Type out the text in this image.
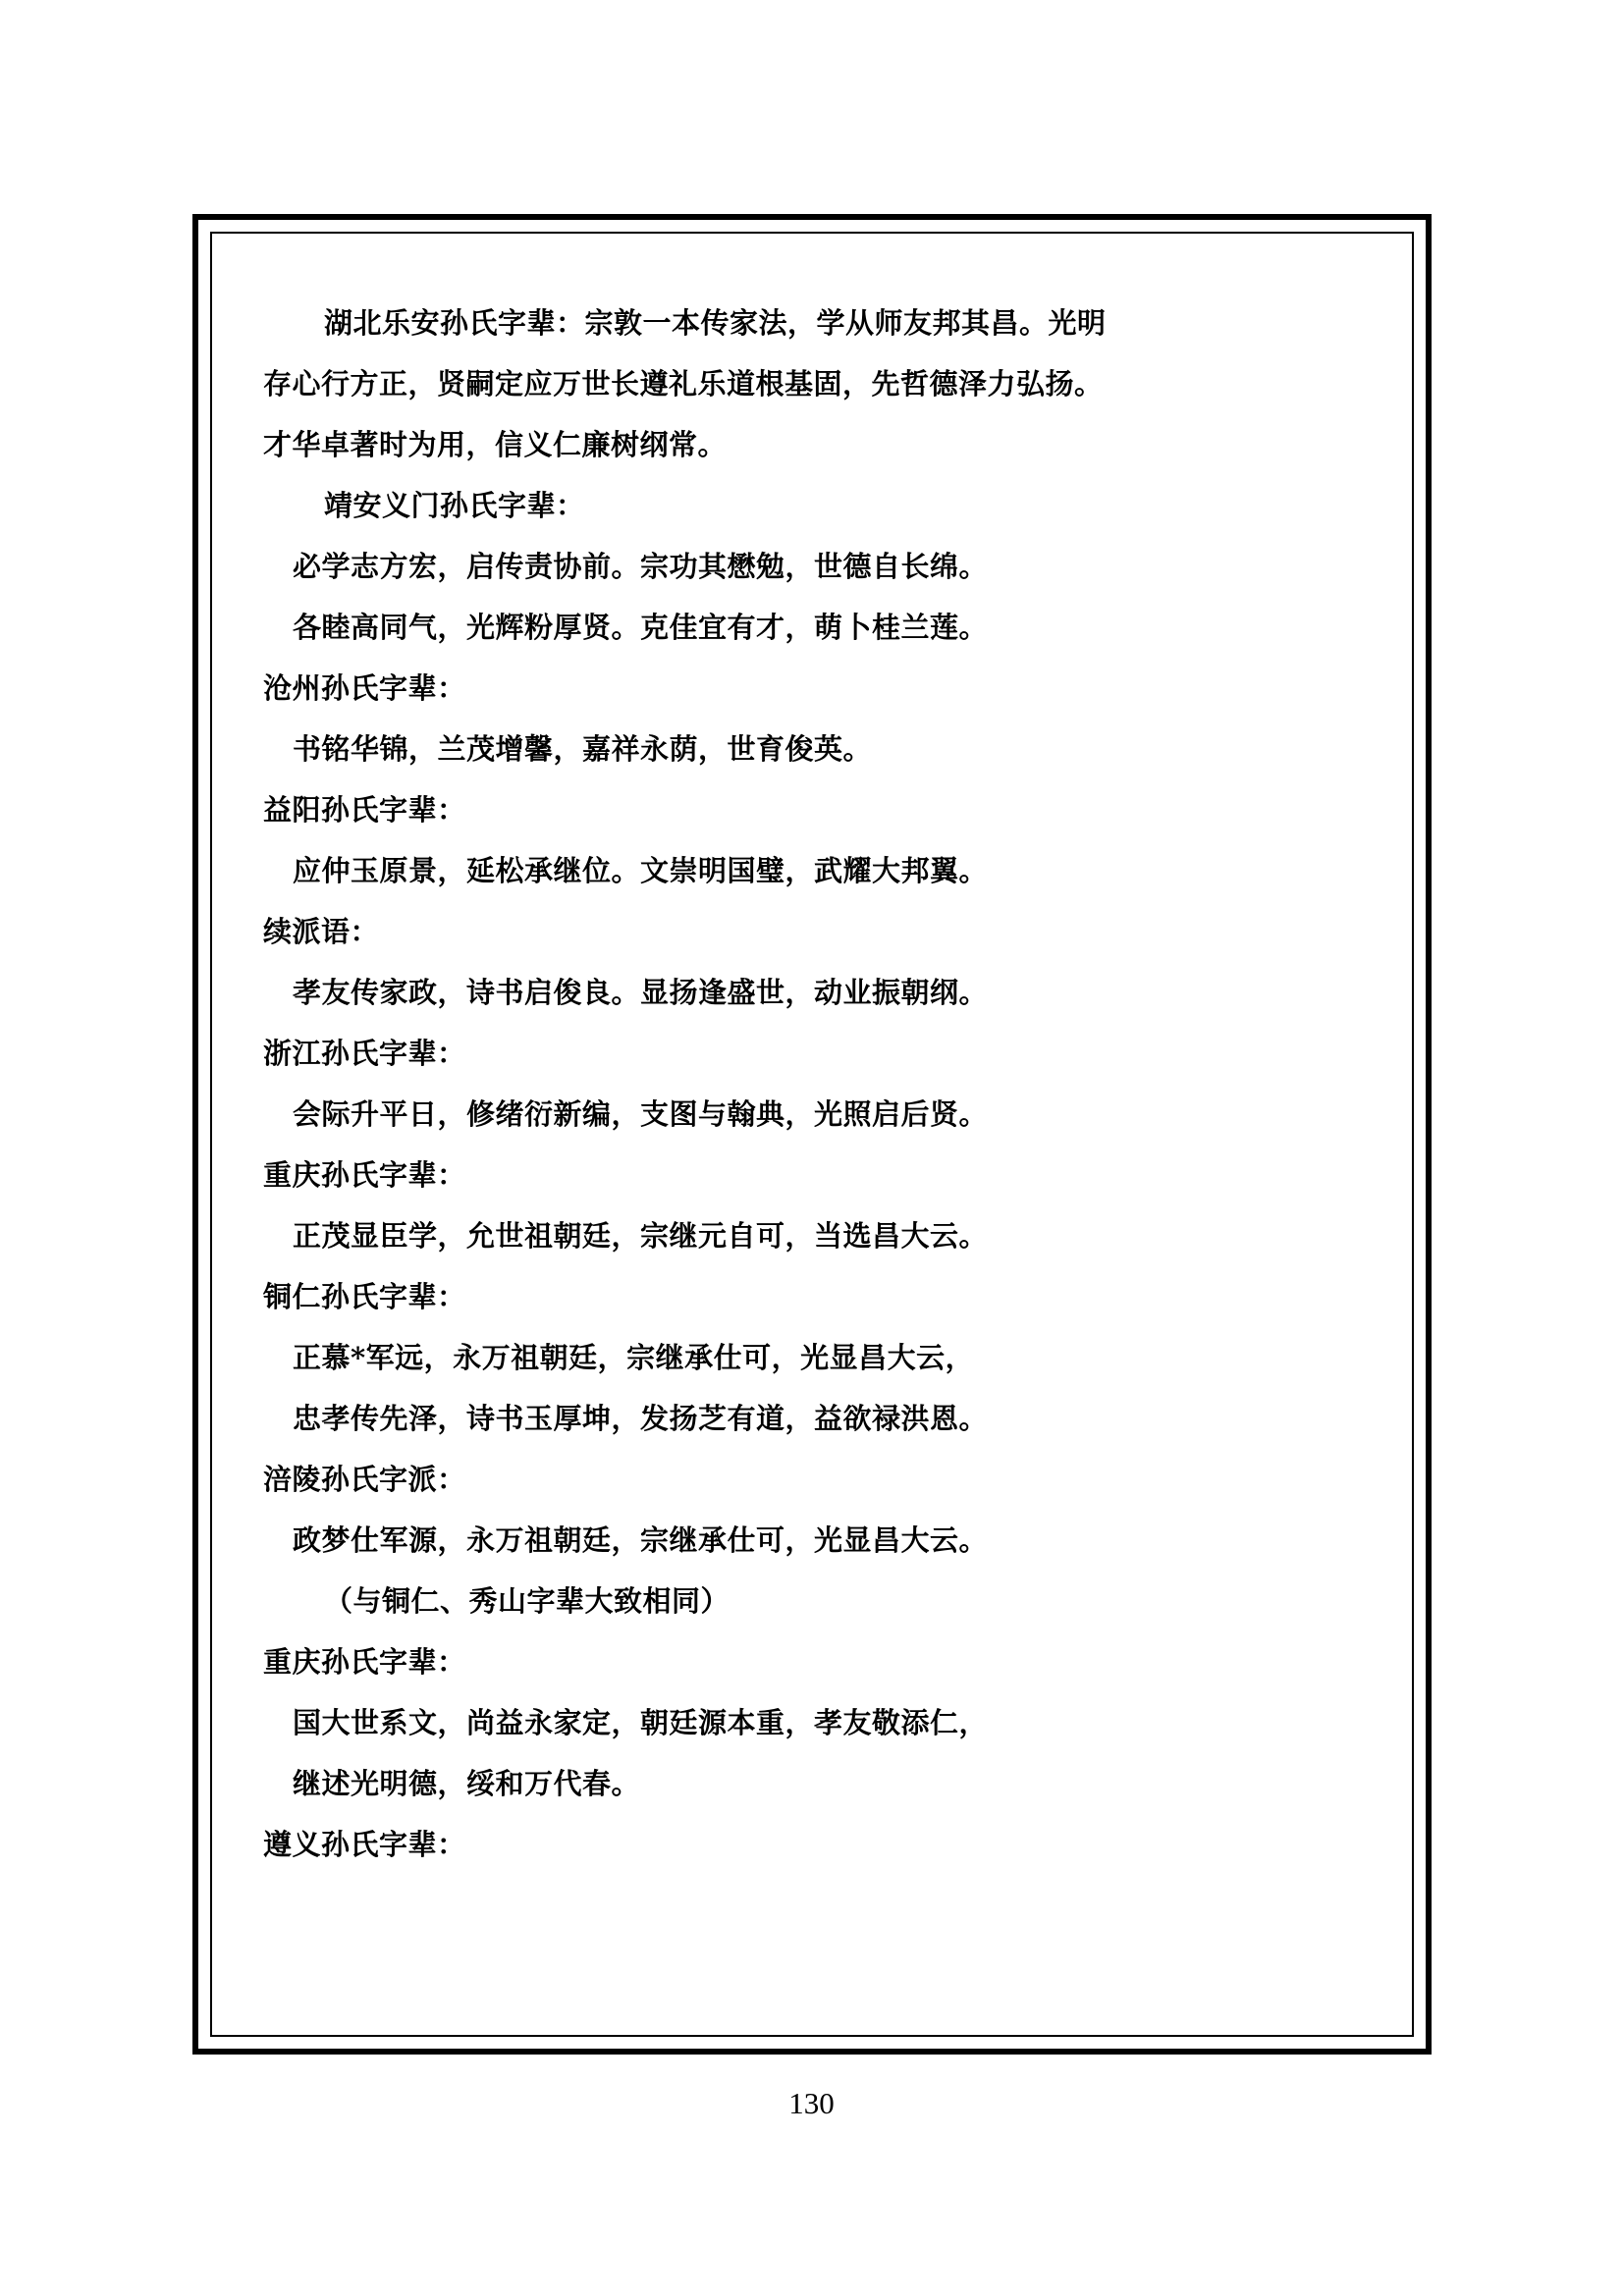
湖北乐安孙氏字辈：宗敦一本传家法，学从师友邦其昌。光明
存心行方正，贤嗣定应万世长遵礼乐道根基固，先哲德泽力弘扬。
才华卓著时为用，信义仁廉树纲常。
靖安义门孙氏字辈：
必学志方宏，启传责协前。宗功其懋勉，世德自长绵。
各睦高同气，光辉粉厚贤。克佳宜有才，萌卜桂兰莲。
沧州孙氏字辈：
书铭华锦，兰茂增馨，嘉祥永荫，世育俊英。
益阳孙氏字辈：
应仲玉原景，延松承继位。文崇明国璧，武耀大邦翼。
续派语：
孝友传家政，诗书启俊良。显扬逢盛世，动业振朝纲。
浙江孙氏字辈：
会际升平日，修绪衍新编，支图与翰典，光照启后贤。
重庆孙氏字辈：
正茂显臣学，允世祖朝廷，宗继元自可，当选昌大云。
铜仁孙氏字辈：
正慕*军远，永万祖朝廷，宗继承仕可，光显昌大云，
忠孝传先泽，诗书玉厚坤，发扬芝有道，益欲禄洪恩。
涪陵孙氏字派：
政梦仕军源，永万祖朝廷，宗继承仕可，光显昌大云。
（与铜仁、秀山字辈大致相同）
重庆孙氏字辈：
国大世系文，尚益永家定，朝廷源本重，孝友敬添仁，
继述光明德，绥和万代春。
遵义孙氏字辈：
130
